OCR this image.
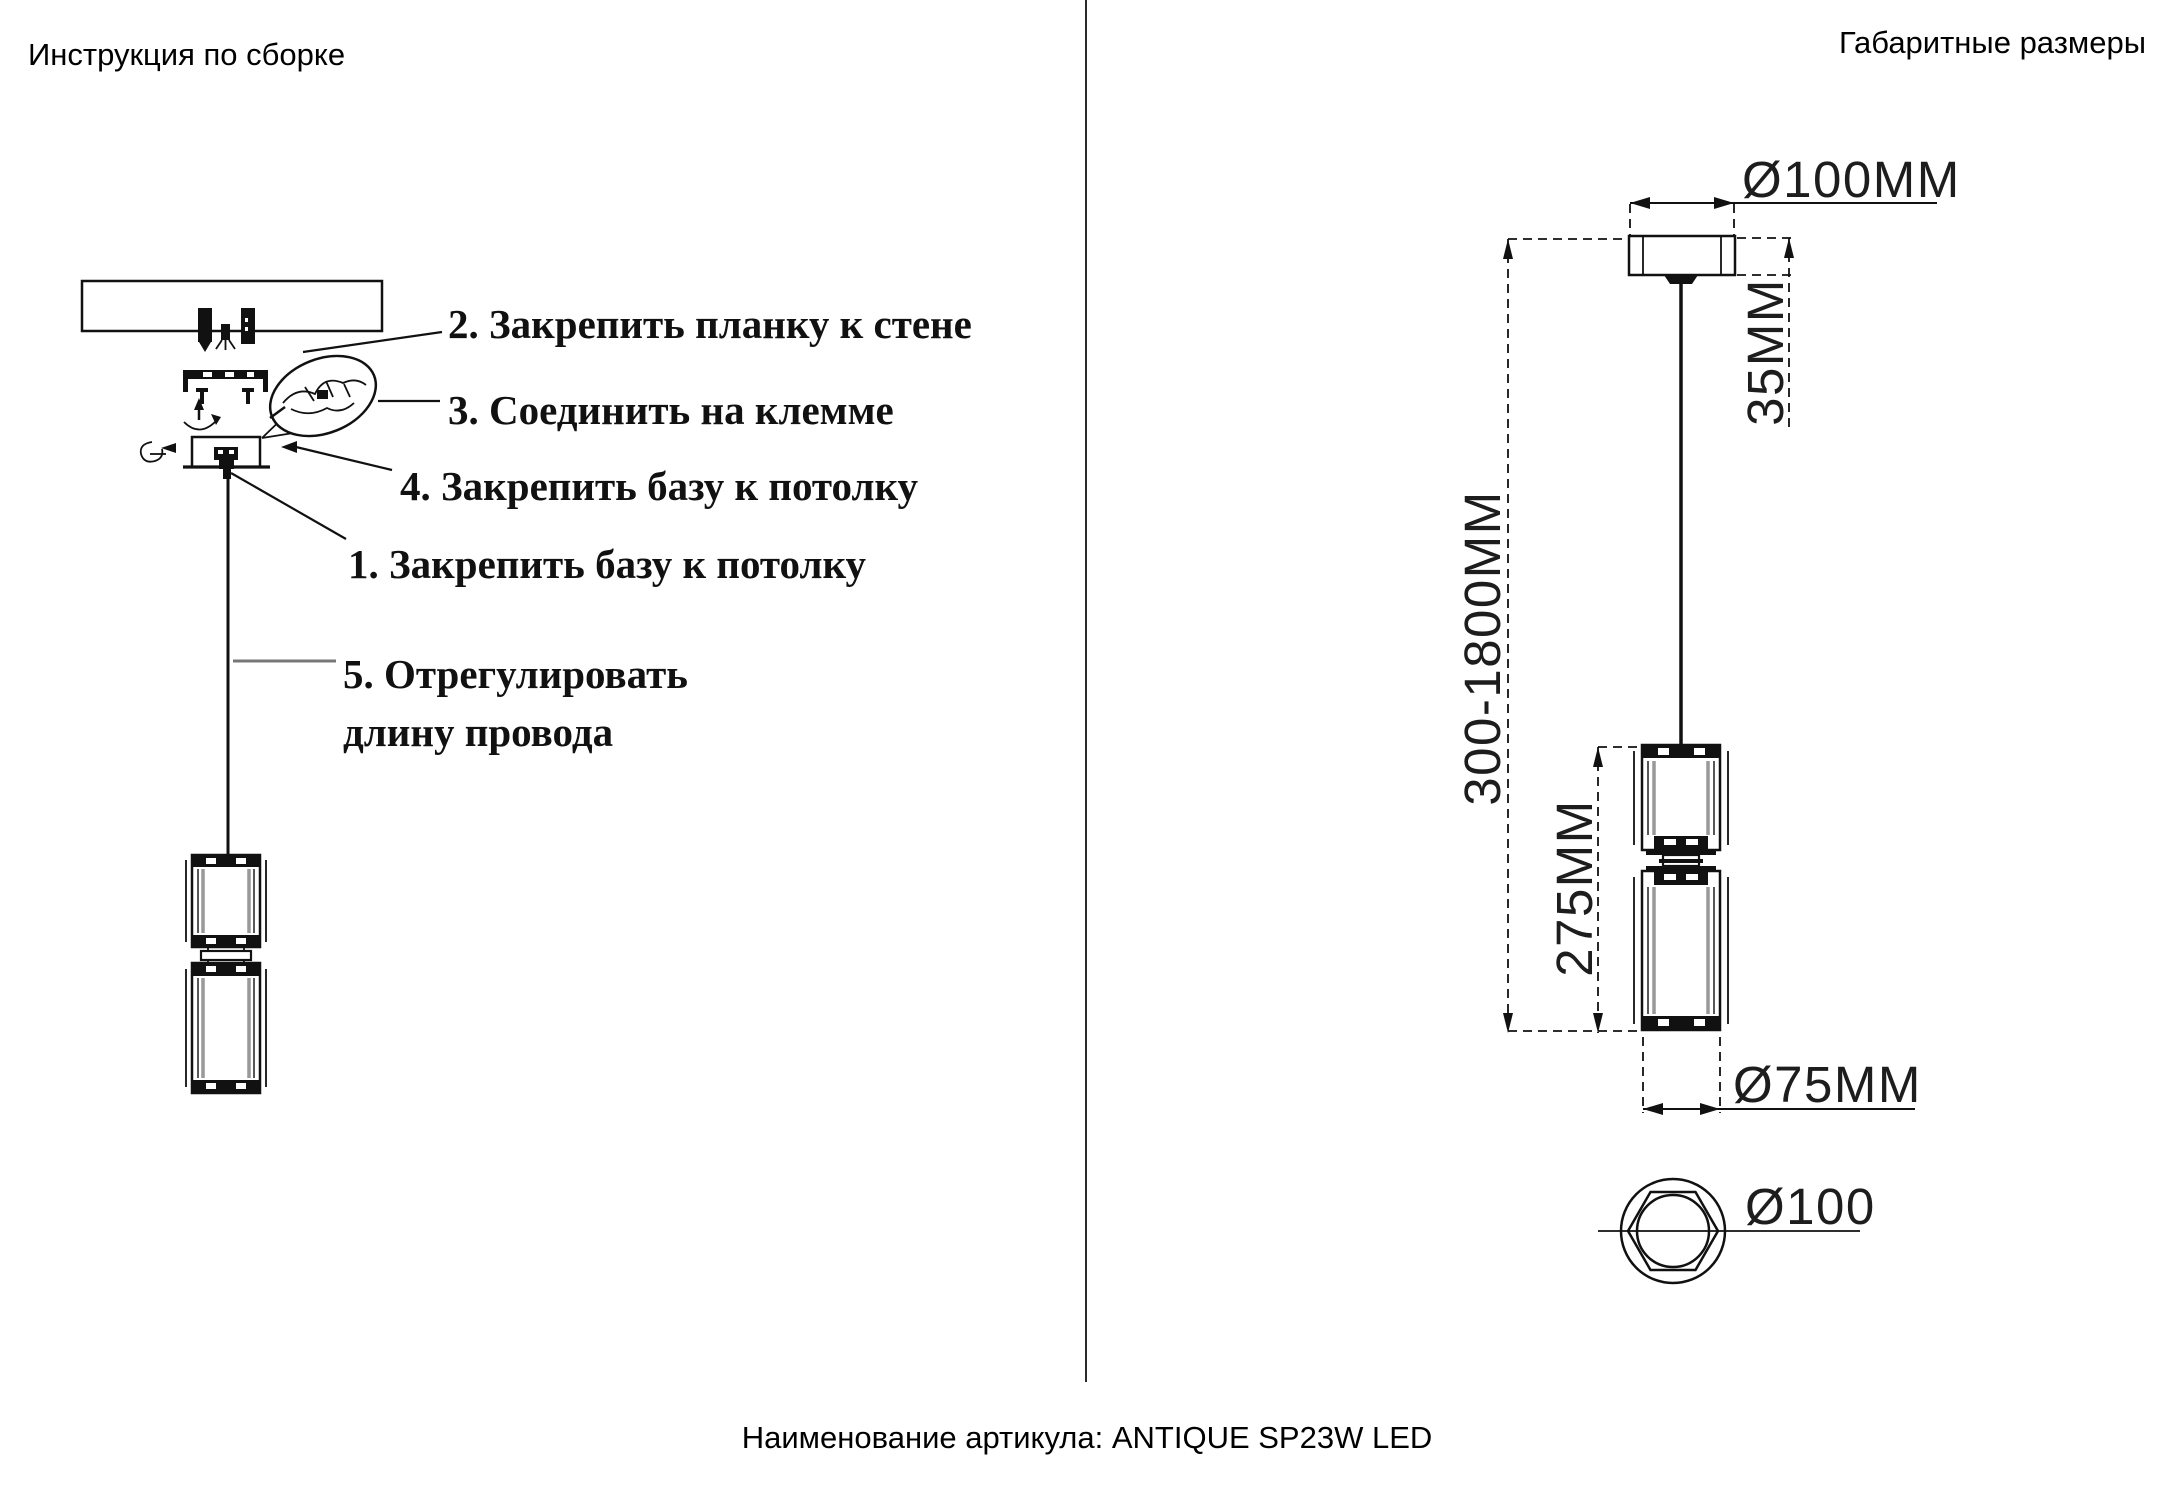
Инструкция по сборке	Габаритные размеры
2. Закрепить планку к стене
3. Соединить на клемме
4. Закрепить базу к потолку
1. Закрепить базу к потолку
5. Отрегулировать
длину провода
Ø100MM
35MM
300-1800MM
275MM
Ø75MM
Ø100
Наименование артикула: ANTIQUE SP23W LED
